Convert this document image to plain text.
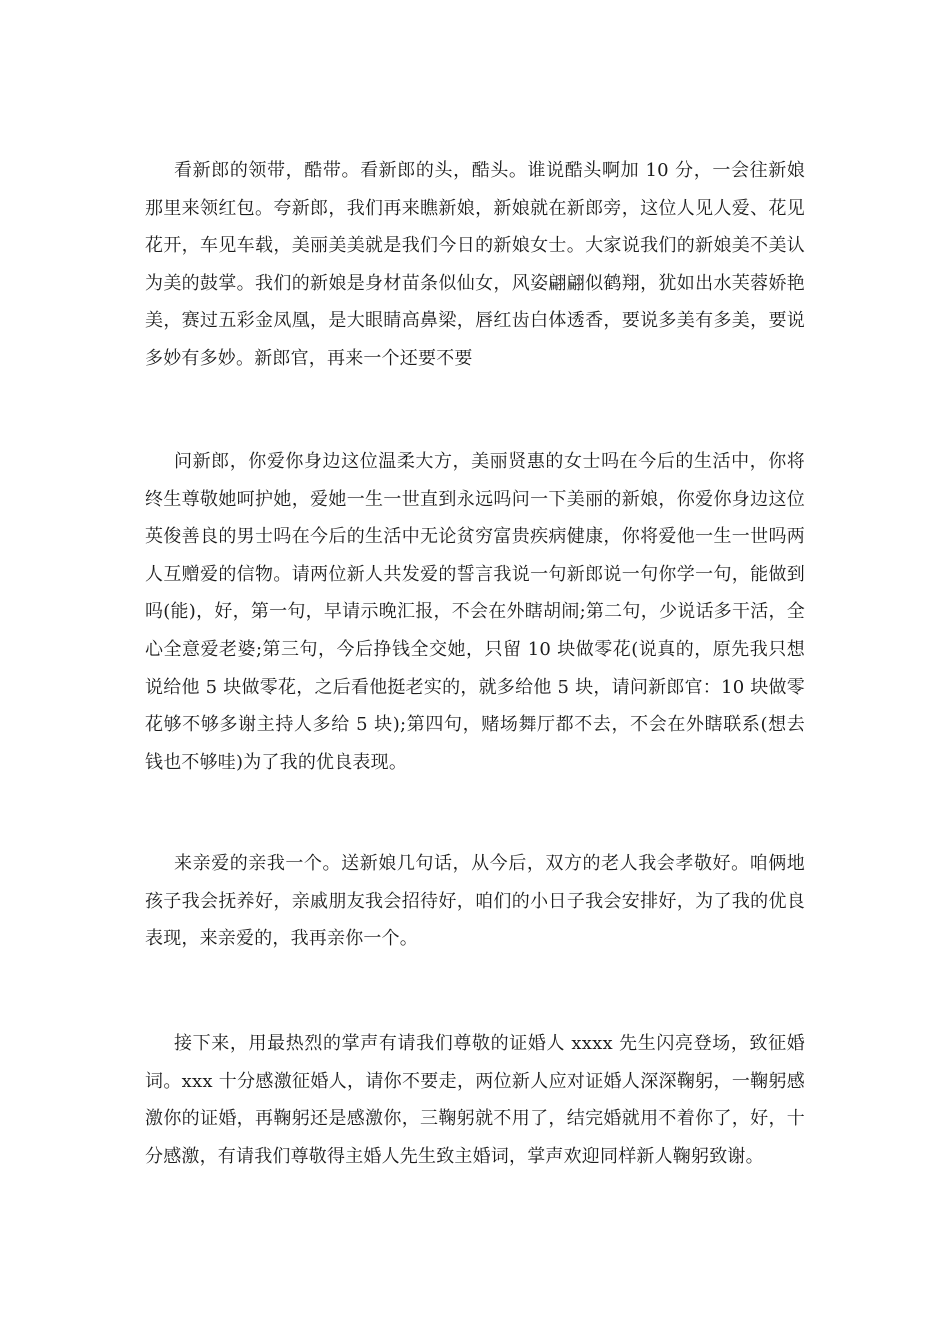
看新郎的领带，酷带。看新郎的头，酷头。谁说酷头啊加 10 分，一会往新娘那里来领红包。夸新郎，我们再来瞧新娘，新娘就在新郎旁，这位人见人爱、花见花开，车见车载，美丽美美就是我们今日的新娘女士。大家说我们的新娘美不美认为美的鼓掌。我们的新娘是身材苗条似仙女，风姿翩翩似鹤翔，犹如出水芙蓉娇艳美，赛过五彩金凤凰，是大眼睛高鼻梁，唇红齿白体透香，要说多美有多美，要说多妙有多妙。新郎官，再来一个还要不要

问新郎，你爱你身边这位温柔大方，美丽贤惠的女士吗在今后的生活中，你将终生尊敬她呵护她，爱她一生一世直到永远吗问一下美丽的新娘，你爱你身边这位英俊善良的男士吗在今后的生活中无论贫穷富贵疾病健康，你将爱他一生一世吗两人互赠爱的信物。请两位新人共发爱的誓言我说一句新郎说一句你学一句，能做到吗(能)，好，第一句，早请示晚汇报，不会在外瞎胡闹;第二句，少说话多干活，全心全意爱老婆;第三句，今后挣钱全交她，只留 10 块做零花(说真的，原先我只想说给他 5 块做零花，之后看他挺老实的，就多给他 5 块，请问新郎官：10 块做零花够不够多谢主持人多给 5 块);第四句，赌场舞厅都不去，不会在外瞎联系(想去钱也不够哇)为了我的优良表现。

来亲爱的亲我一个。送新娘几句话，从今后，双方的老人我会孝敬好。咱俩地孩子我会抚养好，亲戚朋友我会招待好，咱们的小日子我会安排好，为了我的优良表现，来亲爱的，我再亲你一个。

接下来，用最热烈的掌声有请我们尊敬的证婚人 xxxx 先生闪亮登场，致征婚词。xxx 十分感激征婚人，请你不要走，两位新人应对证婚人深深鞠躬，一鞠躬感激你的证婚，再鞠躬还是感激你，三鞠躬就不用了，结完婚就用不着你了，好，十分感激，有请我们尊敬得主婚人先生致主婚词，掌声欢迎同样新人鞠躬致谢。
